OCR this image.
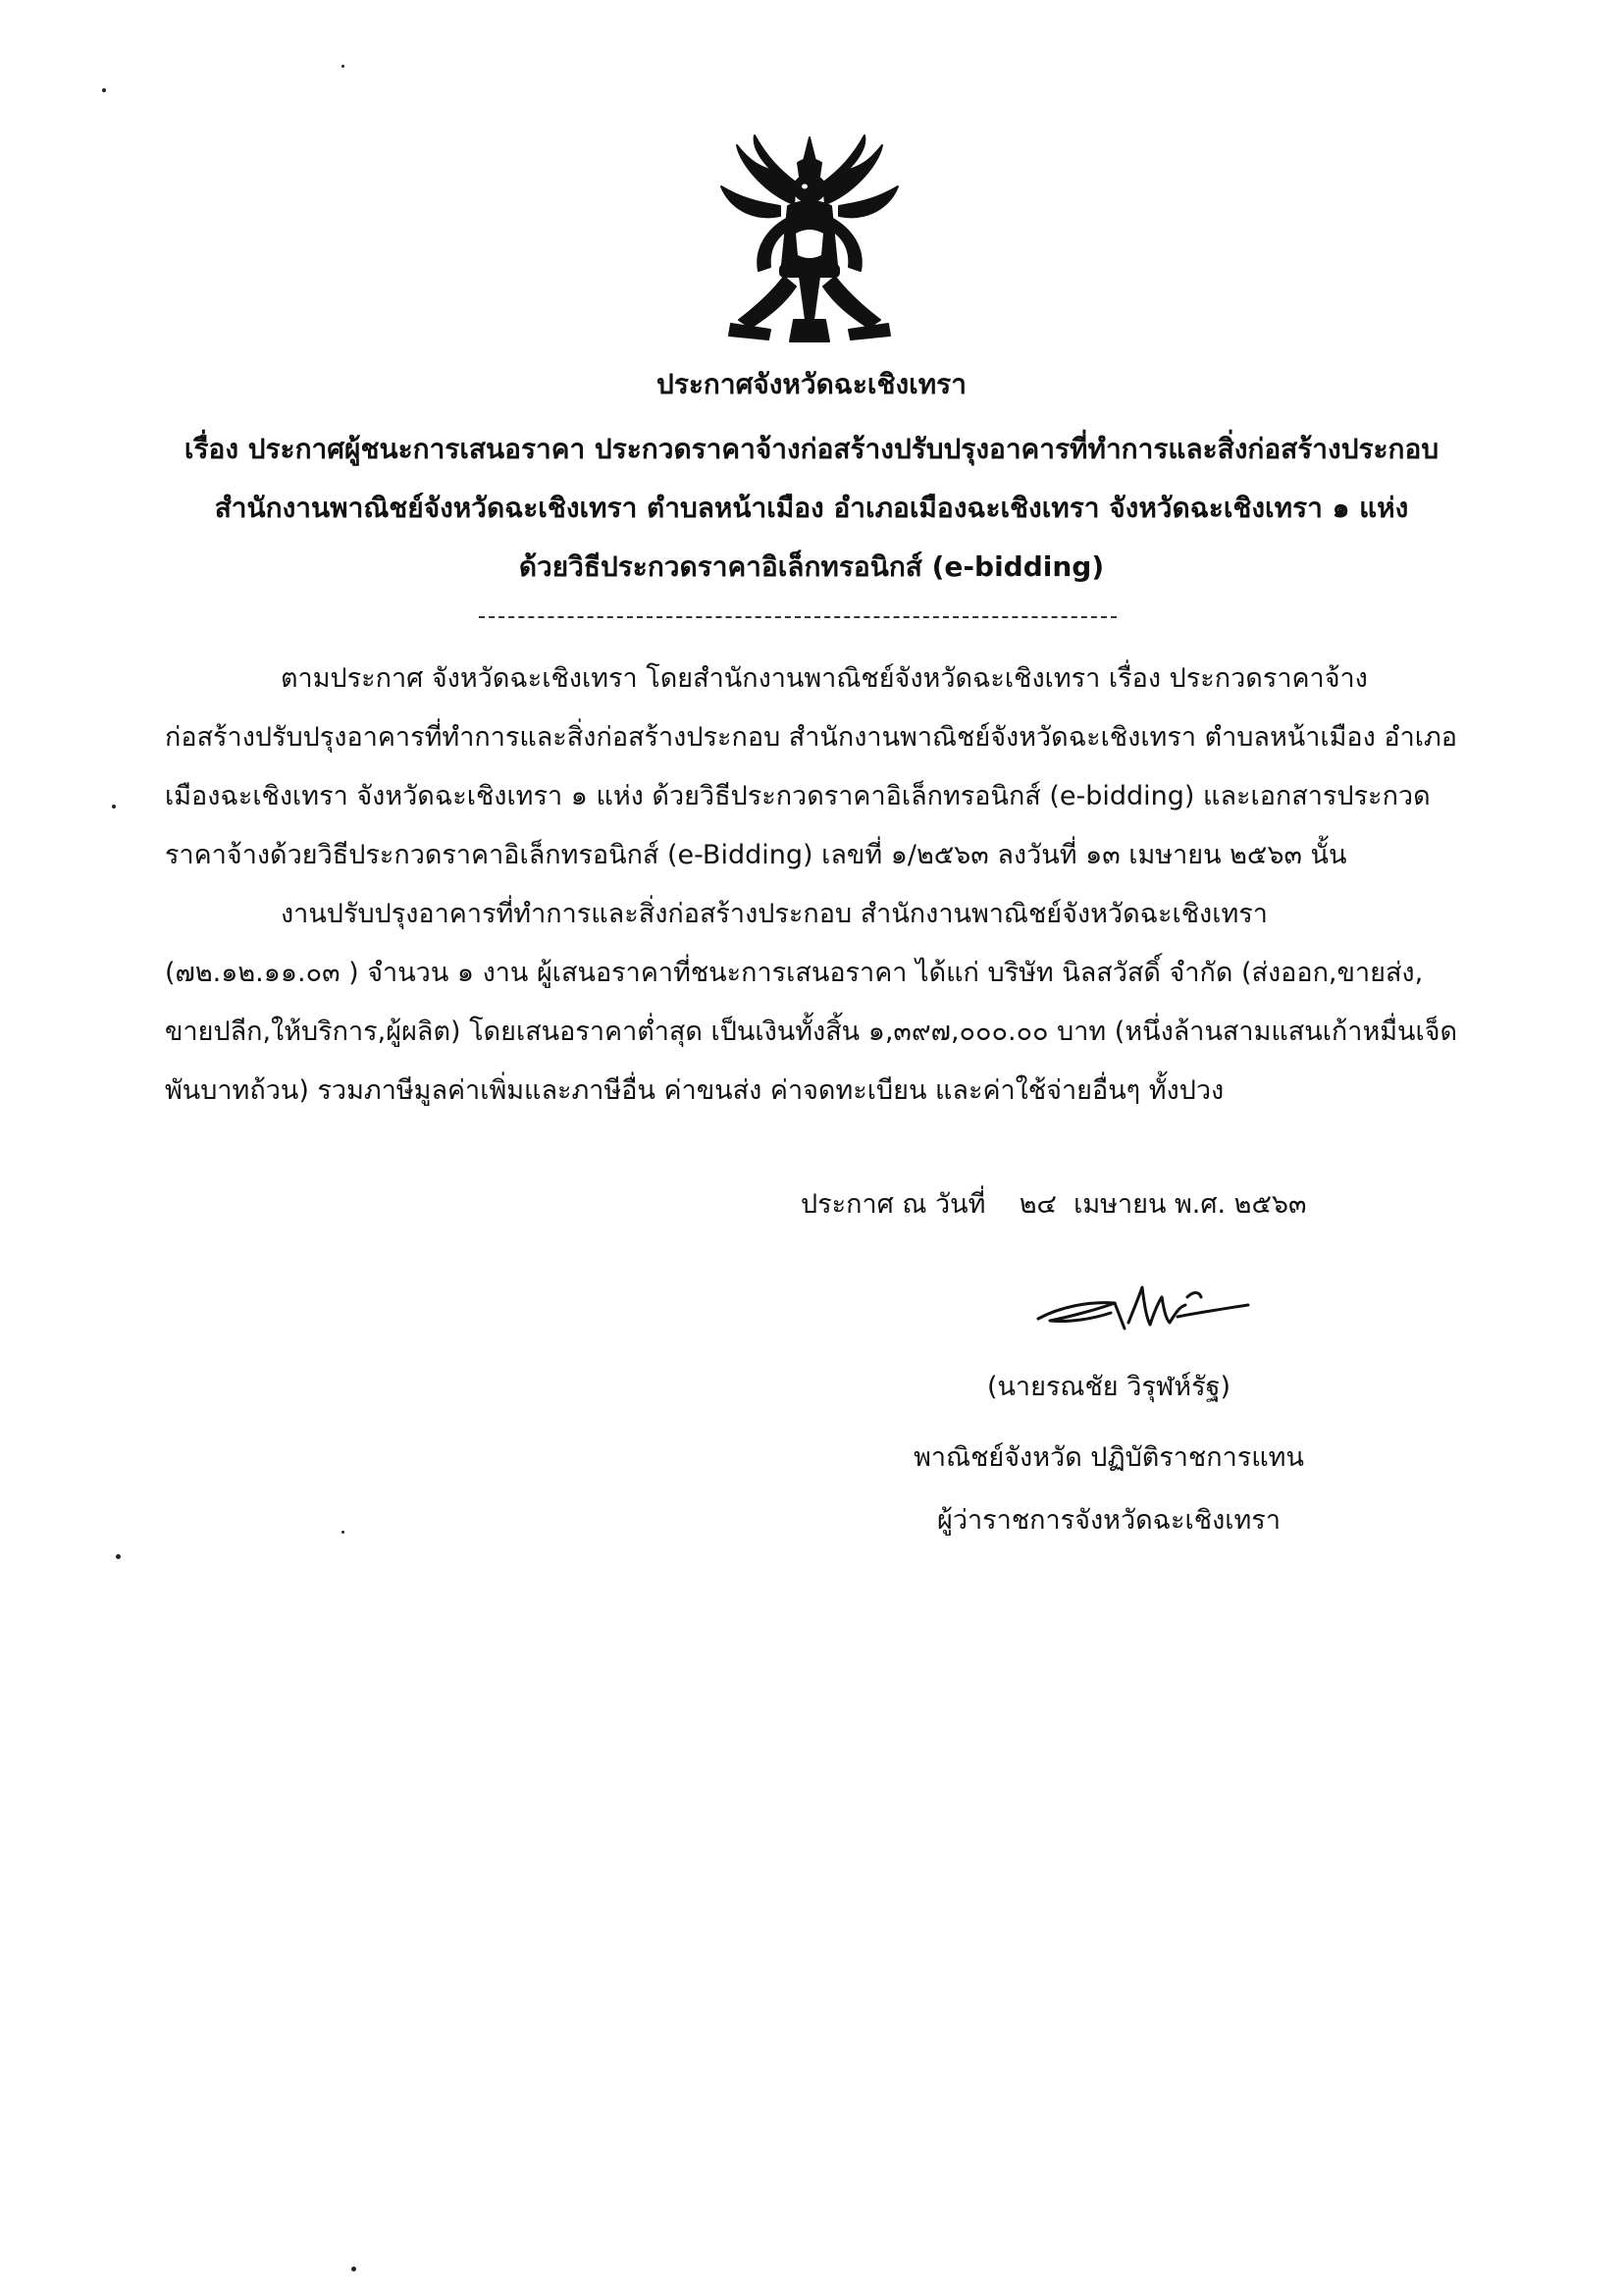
ประกาศจังหวัดฉะเชิงเทรา
เรื่อง ประกาศผู้ชนะการเสนอราคา ประกวดราคาจ้างก่อสร้างปรับปรุงอาคารที่ทำการและสิ่งก่อสร้างประกอบ
สำนักงานพาณิชย์จังหวัดฉะเชิงเทรา ตำบลหน้าเมือง อำเภอเมืองฉะเชิงเทรา จังหวัดฉะเชิงเทรา ๑ แห่ง
ด้วยวิธีประกวดราคาอิเล็กทรอนิกส์ (e-bidding)
ตามประกาศ จังหวัดฉะเชิงเทรา โดยสำนักงานพาณิชย์จังหวัดฉะเชิงเทรา เรื่อง ประกวดราคาจ้าง
ก่อสร้างปรับปรุงอาคารที่ทำการและสิ่งก่อสร้างประกอบ สำนักงานพาณิชย์จังหวัดฉะเชิงเทรา ตำบลหน้าเมือง อำเภอ
เมืองฉะเชิงเทรา จังหวัดฉะเชิงเทรา ๑ แห่ง ด้วยวิธีประกวดราคาอิเล็กทรอนิกส์ (e-bidding) และเอกสารประกวด
ราคาจ้างด้วยวิธีประกวดราคาอิเล็กทรอนิกส์ (e-Bidding) เลขที่ ๑/๒๕๖๓ ลงวันที่ ๑๓ เมษายน ๒๕๖๓ นั้น
งานปรับปรุงอาคารที่ทำการและสิ่งก่อสร้างประกอบ สำนักงานพาณิชย์จังหวัดฉะเชิงเทรา
(๗๒.๑๒.๑๑.๐๓ ) จำนวน ๑ งาน ผู้เสนอราคาที่ชนะการเสนอราคา ได้แก่ บริษัท นิลสวัสดิ์ จำกัด (ส่งออก,ขายส่ง,
ขายปลีก,ให้บริการ,ผู้ผลิต) โดยเสนอราคาต่ำสุด เป็นเงินทั้งสิ้น ๑,๓๙๗,๐๐๐.๐๐ บาท (หนึ่งล้านสามแสนเก้าหมื่นเจ็ด
พันบาทถ้วน) รวมภาษีมูลค่าเพิ่มและภาษีอื่น ค่าขนส่ง ค่าจดทะเบียน และค่าใช้จ่ายอื่นๆ ทั้งปวง
ประกาศ ณ วันที่    ๒๔  เมษายน พ.ศ. ๒๕๖๓
(นายรณชัย วิรุฬห์รัฐ)
พาณิชย์จังหวัด ปฏิบัติราชการแทน
ผู้ว่าราชการจังหวัดฉะเชิงเทรา
